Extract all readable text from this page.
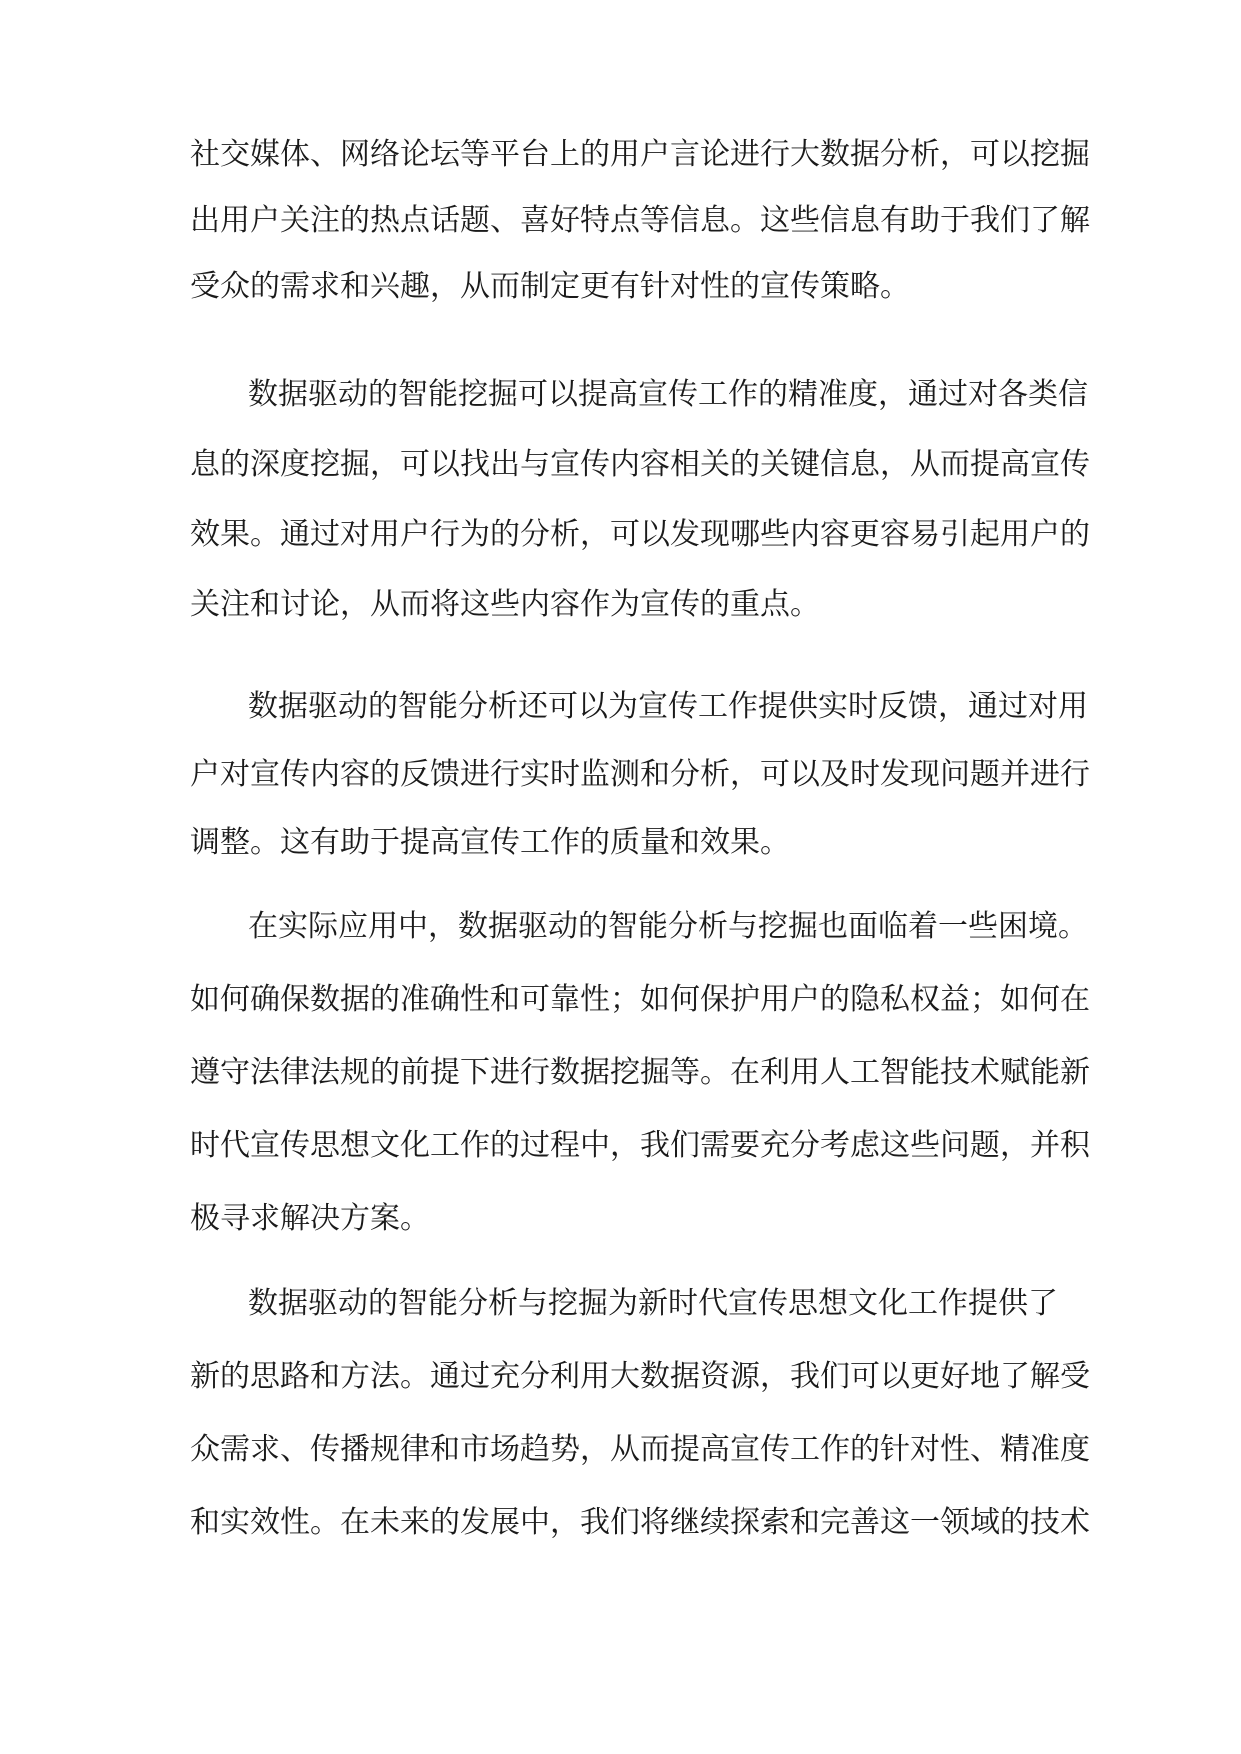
社交媒体、网络论坛等平台上的用户言论进行大数据分析，可以挖掘
出用户关注的热点话题、喜好特点等信息。这些信息有助于我们了解
受众的需求和兴趣，从而制定更有针对性的宣传策略。
数据驱动的智能挖掘可以提高宣传工作的精准度，通过对各类信
息的深度挖掘，可以找出与宣传内容相关的关键信息，从而提高宣传
效果。通过对用户行为的分析，可以发现哪些内容更容易引起用户的
关注和讨论，从而将这些内容作为宣传的重点。
数据驱动的智能分析还可以为宣传工作提供实时反馈，通过对用
户对宣传内容的反馈进行实时监测和分析，可以及时发现问题并进行
调整。这有助于提高宣传工作的质量和效果。
在实际应用中，数据驱动的智能分析与挖掘也面临着一些困境。
如何确保数据的准确性和可靠性；如何保护用户的隐私权益；如何在
遵守法律法规的前提下进行数据挖掘等。在利用人工智能技术赋能新
时代宣传思想文化工作的过程中，我们需要充分考虑这些问题，并积
极寻求解决方案。
数据驱动的智能分析与挖掘为新时代宣传思想文化工作提供了
新的思路和方法。通过充分利用大数据资源，我们可以更好地了解受
众需求、传播规律和市场趋势，从而提高宣传工作的针对性、精准度
和实效性。在未来的发展中，我们将继续探索和完善这一领域的技术
